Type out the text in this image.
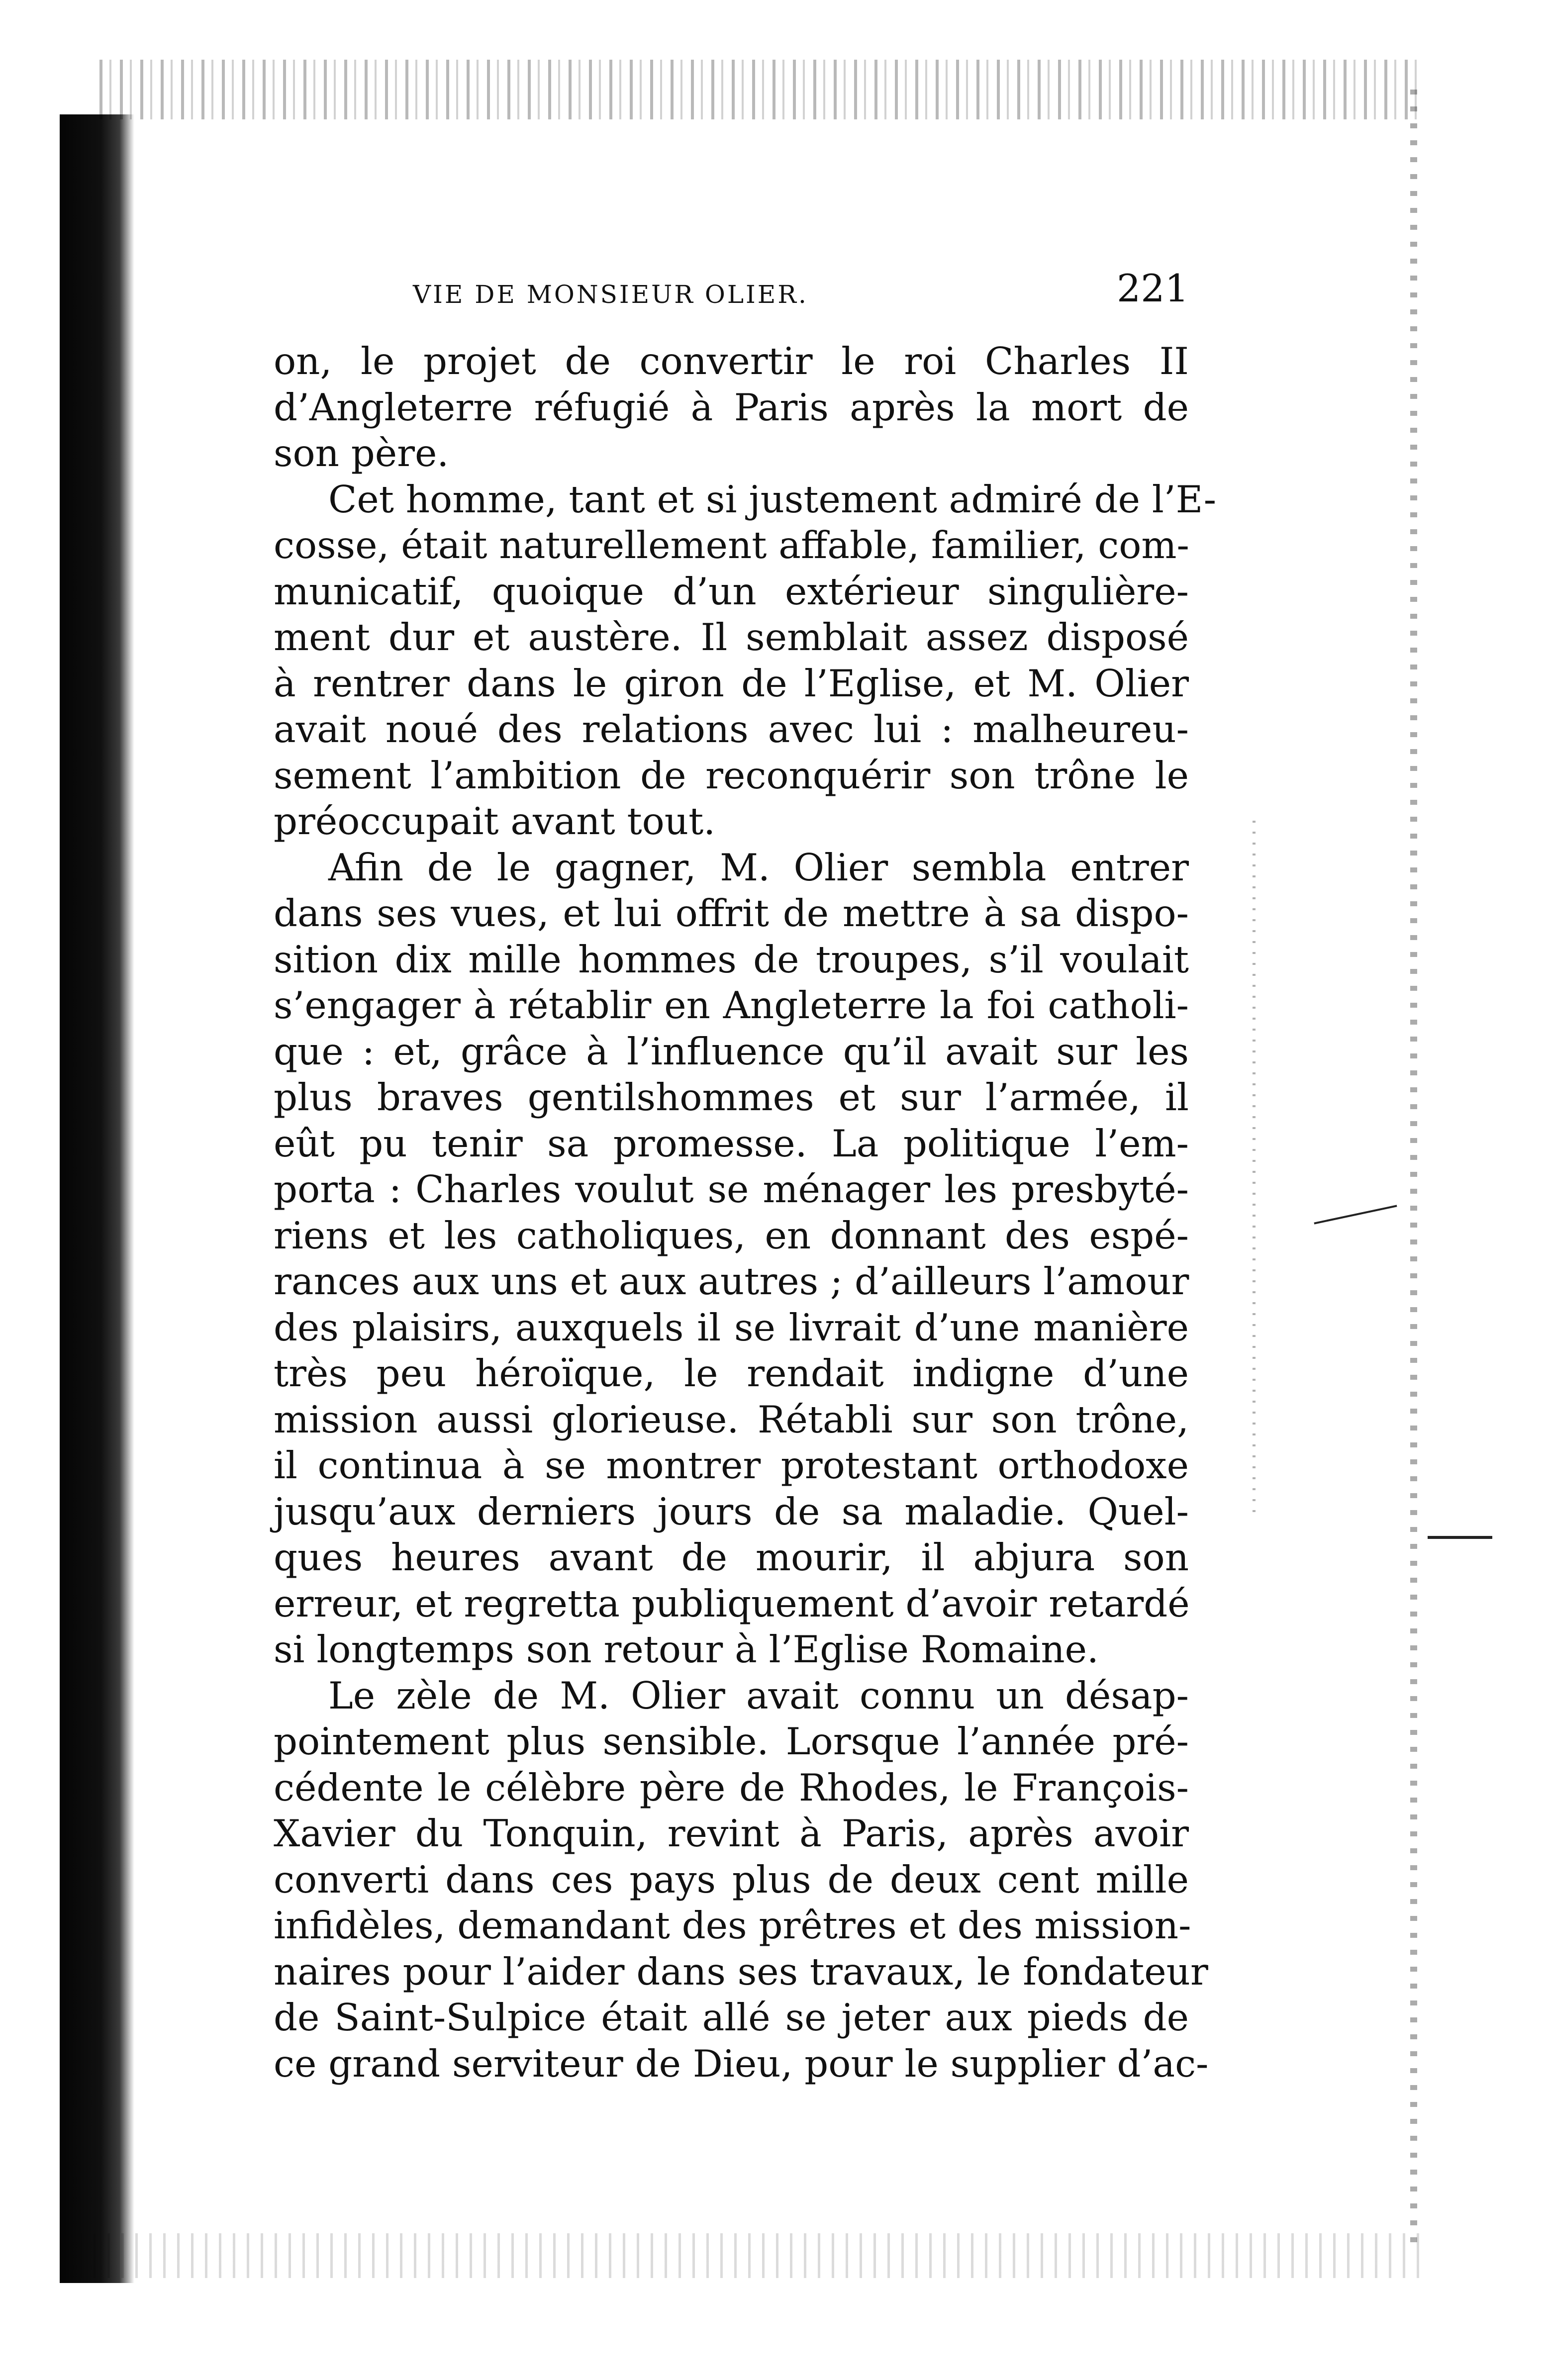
VIE DE MONSIEUR OLIER.	221
on, le projet de convertir le roi Charles II
d’Angleterre réfugié à Paris après la mort de
son père.
Cet homme, tant et si justement admiré de l’E-
cosse, était naturellement affable, familier, com-
municatif, quoique d’un extérieur singulière-
ment dur et austère. Il semblait assez disposé
à rentrer dans le giron de l’Eglise, et M. Olier
avait noué des relations avec lui : malheureu-
sement l’ambition de reconquérir son trône le
préoccupait avant tout.
Afin de le gagner, M. Olier sembla entrer
dans ses vues, et lui offrit de mettre à sa dispo-
sition dix mille hommes de troupes, s’il voulait
s’engager à rétablir en Angleterre la foi catholi-
que : et, grâce à l’influence qu’il avait sur les
plus braves gentilshommes et sur l’armée, il
eût pu tenir sa promesse. La politique l’em-
porta : Charles voulut se ménager les presbyté-
riens et les catholiques, en donnant des espé-
rances aux uns et aux autres ; d’ailleurs l’amour
des plaisirs, auxquels il se livrait d’une manière
très peu héroïque, le rendait indigne d’une
mission aussi glorieuse. Rétabli sur son trône,
il continua à se montrer protestant orthodoxe
jusqu’aux derniers jours de sa maladie. Quel-
ques heures avant de mourir, il abjura son
erreur, et regretta publiquement d’avoir retardé
si longtemps son retour à l’Eglise Romaine.
Le zèle de M. Olier avait connu un désap-
pointement plus sensible. Lorsque l’année pré-
cédente le célèbre père de Rhodes, le François-
Xavier du Tonquin, revint à Paris, après avoir
converti dans ces pays plus de deux cent mille
infidèles, demandant des prêtres et des mission-
naires pour l’aider dans ses travaux, le fondateur
de Saint-Sulpice était allé se jeter aux pieds de
ce grand serviteur de Dieu, pour le supplier d’ac-
